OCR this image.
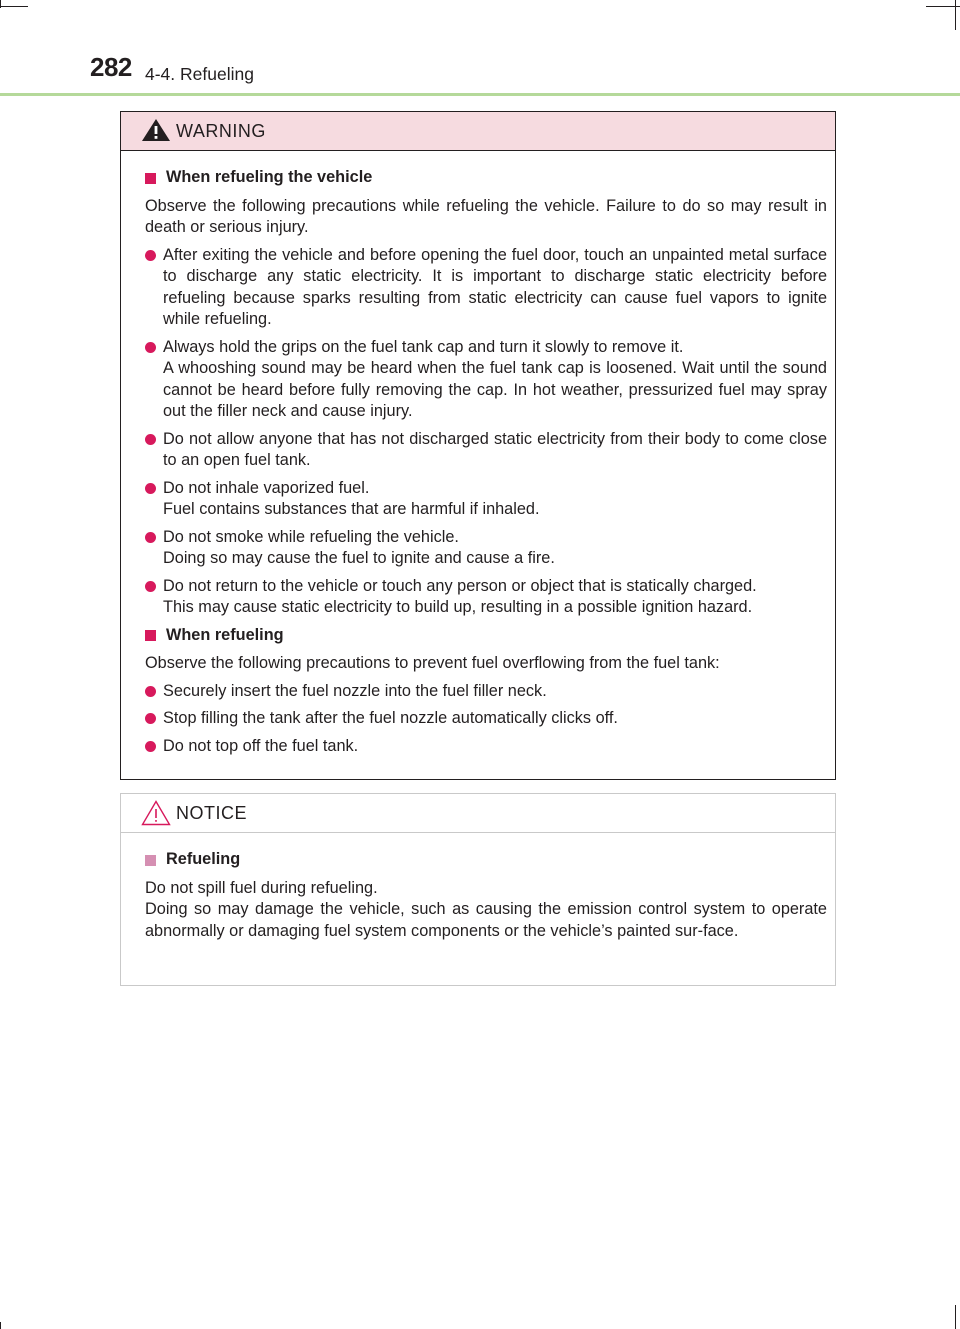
282 4-4. Refueling
WARNING
When refueling the vehicle
Observe the following precautions while refueling the vehicle. Failure to do so may result in death or serious injury.
After exiting the vehicle and before opening the fuel door, touch an unpainted metal surface to discharge any static electricity. It is important to discharge static electricity before refueling because sparks resulting from static electricity can cause fuel vapors to ignite while refueling.
Always hold the grips on the fuel tank cap and turn it slowly to remove it.
A whooshing sound may be heard when the fuel tank cap is loosened. Wait until the sound cannot be heard before fully removing the cap. In hot weather, pressurized fuel may spray out the filler neck and cause injury.
Do not allow anyone that has not discharged static electricity from their body to come close to an open fuel tank.
Do not inhale vaporized fuel.
Fuel contains substances that are harmful if inhaled.
Do not smoke while refueling the vehicle.
Doing so may cause the fuel to ignite and cause a fire.
Do not return to the vehicle or touch any person or object that is statically charged.
This may cause static electricity to build up, resulting in a possible ignition hazard.
When refueling
Observe the following precautions to prevent fuel overflowing from the fuel tank:
Securely insert the fuel nozzle into the fuel filler neck.
Stop filling the tank after the fuel nozzle automatically clicks off.
Do not top off the fuel tank.
NOTICE
Refueling
Do not spill fuel during refueling.
Doing so may damage the vehicle, such as causing the emission control system to operate abnormally or damaging fuel system components or the vehicle’s painted sur-face.
